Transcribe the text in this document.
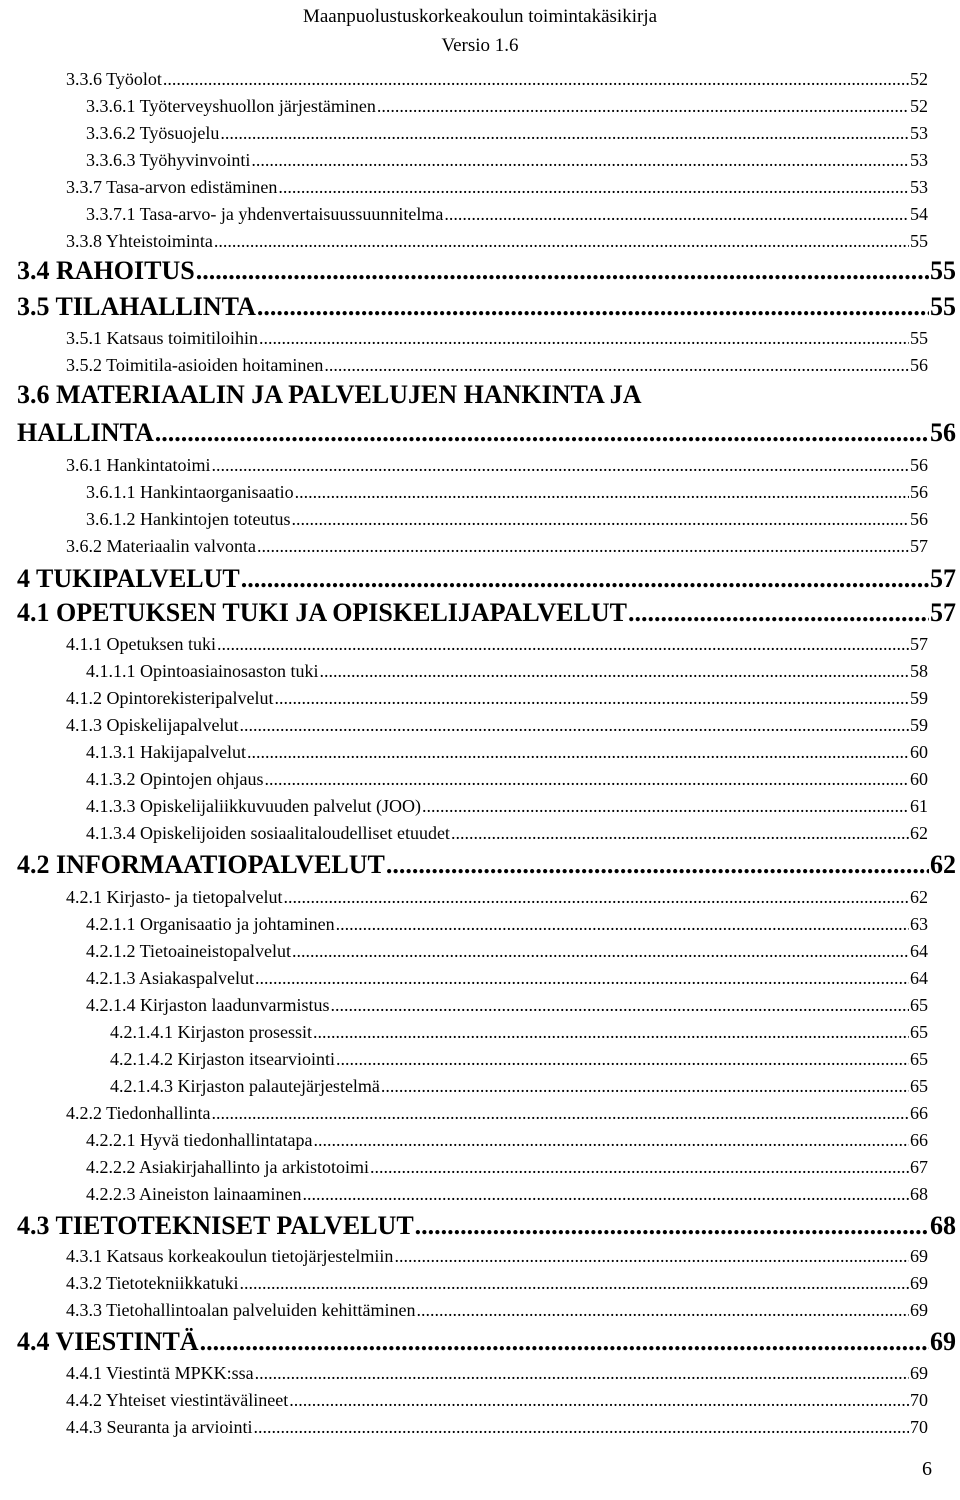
Maanpuolustuskorkeakoulun toimintakäsikirja
Versio 1.6
3.3.6 Työolot .....	52
3.3.6.1 Työterveyshuollon järjestäminen .....	52
3.3.6.2 Työsuojelu .....	53
3.3.6.3 Työhyvinvointi .....	53
3.3.7 Tasa-arvon edistäminen .....	53
3.3.7.1 Tasa-arvo- ja yhdenvertaisuussuunnitelma .....	54
3.3.8 Yhteistoiminta .....	55
3.4 RAHOITUS .....	55
3.5 TILAHALLINTA .....	55
3.5.1 Katsaus toimitiloihin .....	55
3.5.2 Toimitila-asioiden hoitaminen .....	56
3.6 MATERIAALIN JA PALVELUJEN HANKINTA JA
HALLINTA .....	56
3.6.1 Hankintatoimi .....	56
3.6.1.1 Hankintaorganisaatio .....	56
3.6.1.2 Hankintojen toteutus .....	56
3.6.2 Materiaalin valvonta .....	57
4 TUKIPALVELUT .....	57
4.1 OPETUKSEN TUKI JA OPISKELIJAPALVELUT .....	57
4.1.1 Opetuksen tuki .....	57
4.1.1.1 Opintoasiainosaston tuki .....	58
4.1.2 Opintorekisteripalvelut .....	59
4.1.3 Opiskelijapalvelut .....	59
4.1.3.1 Hakijapalvelut .....	60
4.1.3.2 Opintojen ohjaus .....	60
4.1.3.3 Opiskelijaliikkuvuuden palvelut (JOO) .....	61
4.1.3.4 Opiskelijoiden sosiaalitaloudelliset etuudet .....	62
4.2 INFORMAATIOPALVELUT .....	62
4.2.1 Kirjasto- ja tietopalvelut .....	62
4.2.1.1 Organisaatio ja johtaminen .....	63
4.2.1.2 Tietoaineistopalvelut .....	64
4.2.1.3 Asiakaspalvelut .....	64
4.2.1.4 Kirjaston laadunvarmistus .....	65
4.2.1.4.1 Kirjaston prosessit .....	65
4.2.1.4.2 Kirjaston itsearviointi .....	65
4.2.1.4.3 Kirjaston palautejärjestelmä .....	65
4.2.2 Tiedonhallinta .....	66
4.2.2.1 Hyvä tiedonhallintatapa .....	66
4.2.2.2 Asiakirjahallinto ja arkistotoimi .....	67
4.2.2.3 Aineiston lainaaminen .....	68
4.3 TIETOTEKNISET PALVELUT .....	68
4.3.1 Katsaus korkeakoulun tietojärjestelmiin .....	69
4.3.2 Tietotekniikkatuki .....	69
4.3.3 Tietohallintoalan palveluiden kehittäminen .....	69
4.4 VIESTINTÄ .....	69
4.4.1 Viestintä MPKK:ssa .....	69
4.4.2 Yhteiset viestintävälineet .....	70
4.4.3 Seuranta ja arviointi .....	70
6
